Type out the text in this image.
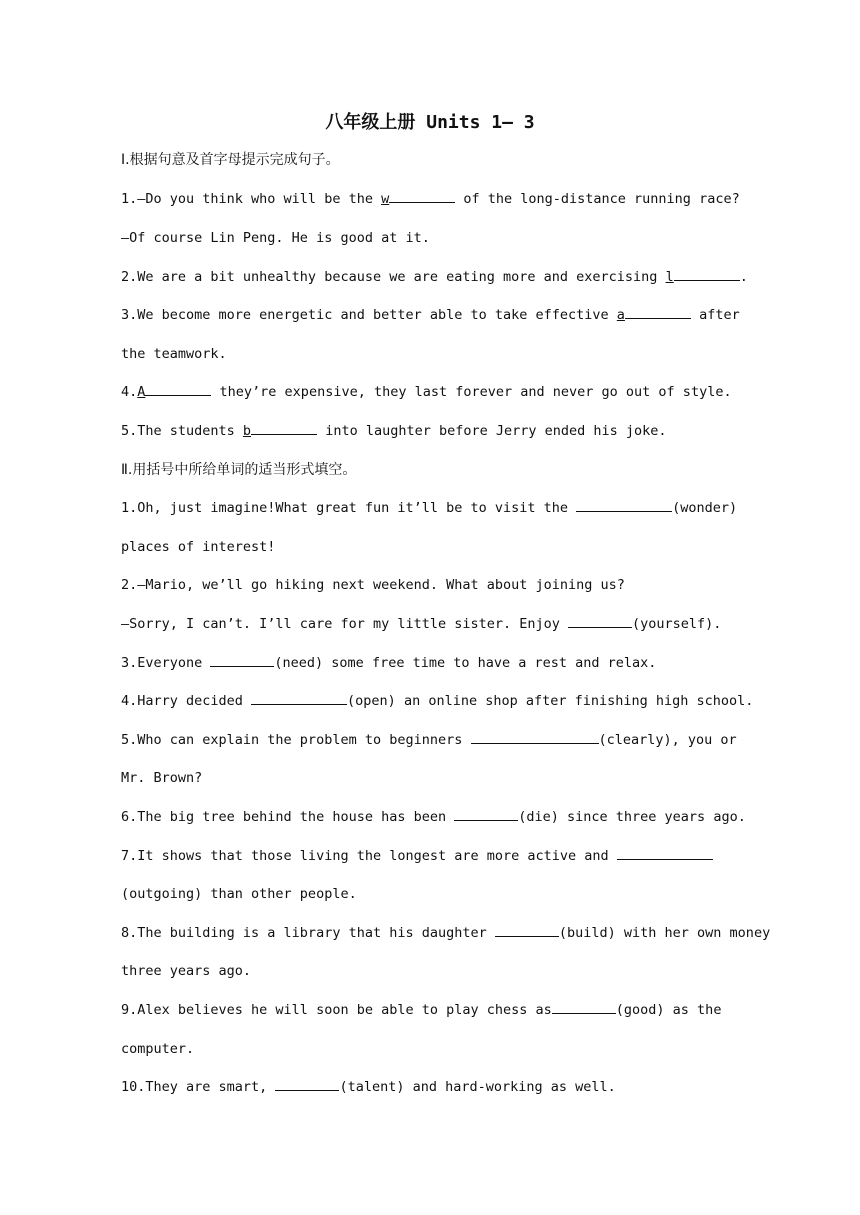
八年级上册 Units 1— 3
Ⅰ.根据句意及首字母提示完成句子。
1.—Do you think who will be the w	of the long-distance running race?
—Of course Lin Peng. He is good at it.
2.We are a bit unhealthy because we are eating more and exercising l	.
3.We become more energetic and better able to take effective a	after
the teamwork.
4.A	they’re expensive, they last forever and never go out of style.
5.The students b	into laughter before Jerry ended his joke.
Ⅱ.用括号中所给单词的适当形式填空。
1.Oh, just imagine!What great fun it’ll be to visit the	(wonder)
places of interest!
2.—Mario, we’ll go hiking next weekend. What about joining us?
—Sorry, I can’t. I’ll care for my little sister. Enjoy	(yourself).
3.Everyone	(need) some free time to have a rest and relax.
4.Harry decided	(open) an online shop after finishing high school.
5.Who can explain the problem to beginners	(clearly), you or
Mr. Brown?
6.The big tree behind the house has been	(die) since three years ago.
7.It shows that those living the longest are more active and
(outgoing) than other people.
8.The building is a library that his daughter	(build) with her own money
three years ago.
9.Alex believes he will soon be able to play chess as	(good) as the
computer.
10.They are smart,	(talent) and hard-working as well.
